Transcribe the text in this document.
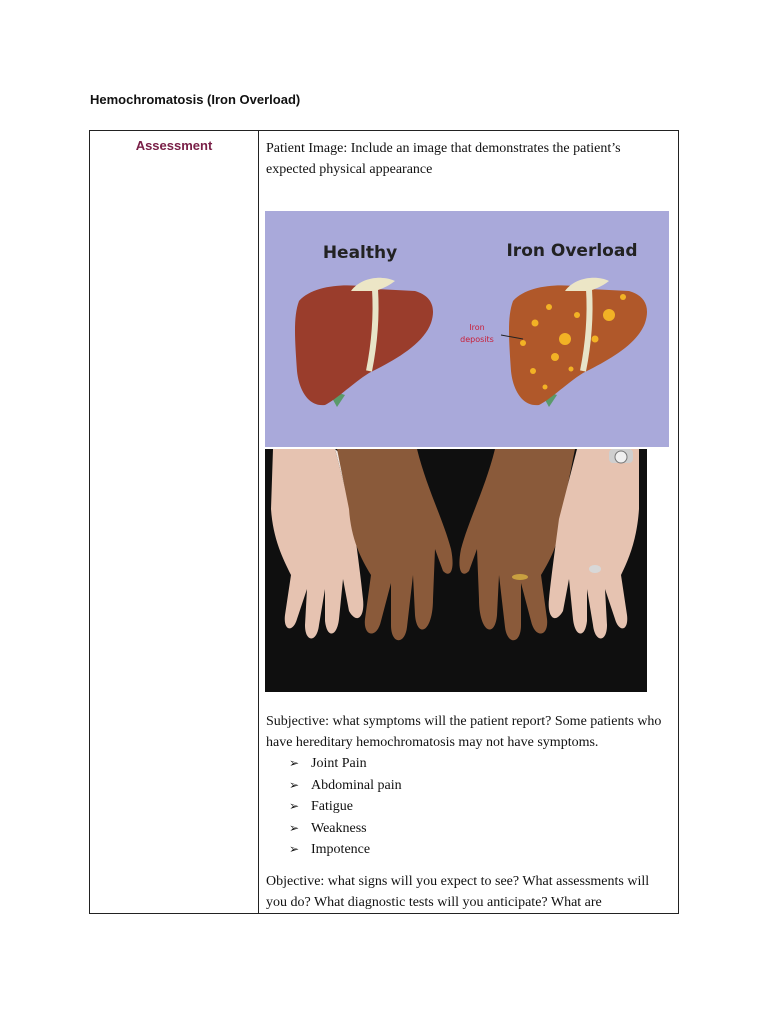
Hemochromatosis (Iron Overload)
Assessment	Patient Image: Include an image that demonstrates the patient’s expected physical appearance

Healthy	Iron Overload
Iron
deposits

Subjective: what symptoms will the patient report? Some patients who have hereditary hemochromatosis may not have symptoms.

➢ Joint Pain
➢ Abdominal pain
➢ Fatigue
➢ Weakness
➢ Impotence

Objective: what signs will you expect to see? What assessments will you do? What diagnostic tests will you anticipate? What are
